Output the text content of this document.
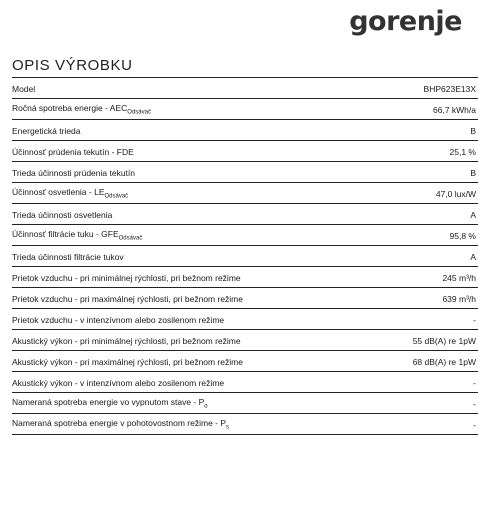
gorenje
OPIS VÝROBKU
Model	BHP623E13X
Ročná spotreba energie - $AEC_{Odsávač}$	66,7 kWh/a
Energetická trieda	B
Účinnosť prúdenia tekutín - FDE	25,1 %
Trieda účinnosti prúdenia tekutín	B
Účinnosť osvetlenia - $LE_{Odsávač}$	47,0 lux/W
Trieda účinnosti osvetlenia	A
Účinnosť filtrácie tuku - $GFE_{Odsávač}$	95,8 %
Trieda účinnosti filtrácie tukov	A
Prietok vzduchu - pri minimálnej rýchlosti, pri bežnom režime	245 m³/h
Prietok vzduchu - pri maximálnej rýchlosti, pri bežnom režime	639 m³/h
Prietok vzduchu - v intenzívnom alebo zosilenom režime	-
Akustický výkon - pri minimálnej rýchlosti, pri bežnom režime	55 dB(A) re 1pW
Akustický výkon - pri maximálnej rýchlosti, pri bežnom režime	68 dB(A) re 1pW
Akustický výkon - v intenzívnom alebo zosilenom režime	-
Nameraná spotreba energie vo vypnutom stave - $P_o$	-
Nameraná spotreba energie v pohotovostnom režime - $P_s$	-
